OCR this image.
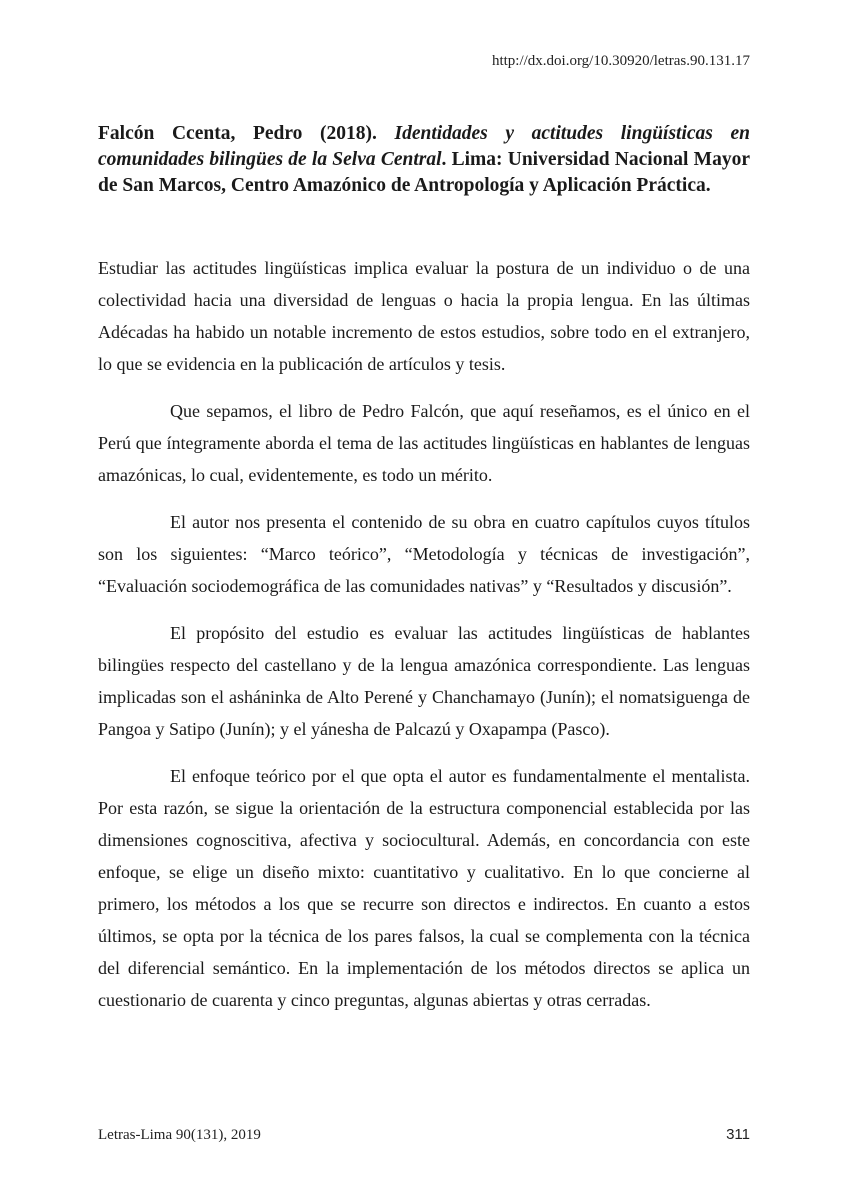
http://dx.doi.org/10.30920/letras.90.131.17

Falcón Ccenta, Pedro (2018). Identidades y actitudes lingüísticas en comunidades bilingües de la Selva Central. Lima: Universidad Nacional Mayor de San Marcos, Centro Amazónico de Antropología y Aplicación Práctica.

Estudiar las actitudes lingüísticas implica evaluar la postura de un individuo o de una colectividad hacia una diversidad de lenguas o hacia la propia lengua. En las últimas Adécadas ha habido un notable incremento de estos estudios, sobre todo en el extranjero, lo que se evidencia en la publicación de artículos y tesis.

Que sepamos, el libro de Pedro Falcón, que aquí reseñamos, es el único en el Perú que íntegramente aborda el tema de las actitudes lingüísticas en hablantes de lenguas amazónicas, lo cual, evidentemente, es todo un mérito.

El autor nos presenta el contenido de su obra en cuatro capítulos cuyos títulos son los siguientes: “Marco teórico”, “Metodología y técnicas de investigación”, “Evaluación sociodemográfica de las comunidades nativas” y “Resultados y discusión”.

El propósito del estudio es evaluar las actitudes lingüísticas de hablantes bilingües respecto del castellano y de la lengua amazónica correspondiente. Las lenguas implicadas son el asháninka de Alto Perené y Chanchamayo (Junín); el nomatsiguenga de Pangoa y Satipo (Junín); y el yánesha de Palcazú y Oxapampa (Pasco).

El enfoque teórico por el que opta el autor es fundamentalmente el mentalista. Por esta razón, se sigue la orientación de la estructura componencial establecida por las dimensiones cognoscitiva, afectiva y sociocultural. Además, en concordancia con este enfoque, se elige un diseño mixto: cuantitativo y cualitativo. En lo que concierne al primero, los métodos a los que se recurre son directos e indirectos. En cuanto a estos últimos, se opta por la técnica de los pares falsos, la cual se complementa con la técnica del diferencial semántico. En la implementación de los métodos directos se aplica un cuestionario de cuarenta y cinco preguntas, algunas abiertas y otras cerradas.

Letras-Lima 90(131), 2019	311
